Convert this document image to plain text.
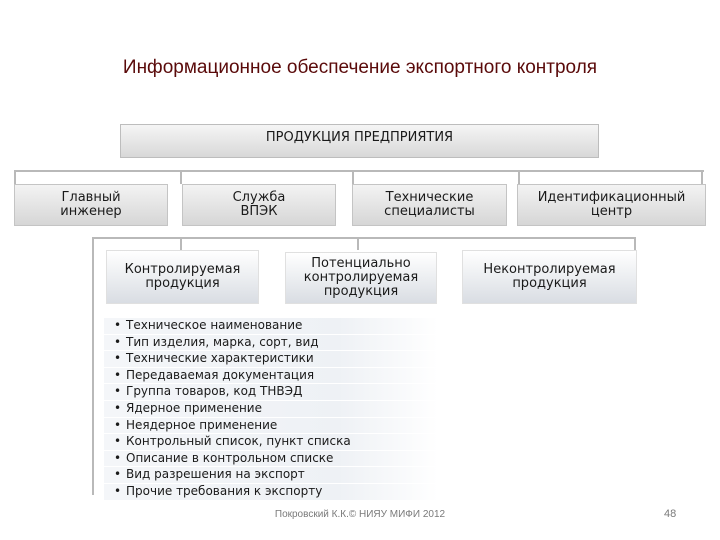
Информационное обеспечение экспортного контроля
ПРОДУКЦИЯ ПРЕДПРИЯТИЯ
Главный
инженер
Служба
ВПЭК
Технические
специалисты
Идентификационный
центр
Контролируемая
продукция
Потенциально
контролируемая
продукция
Неконтролируемая
продукция
• Техническое наименование
• Тип изделия, марка, сорт, вид
• Технические характеристики
• Передаваемая документация
• Группа товаров, код ТНВЭД
• Ядерное применение
• Неядерное применение
• Контрольный список, пункт списка
• Описание в контрольном списке
• Вид разрешения на экспорт
• Прочие требования к экспорту
Покровский К.К.© НИЯУ МИФИ 2012	48
